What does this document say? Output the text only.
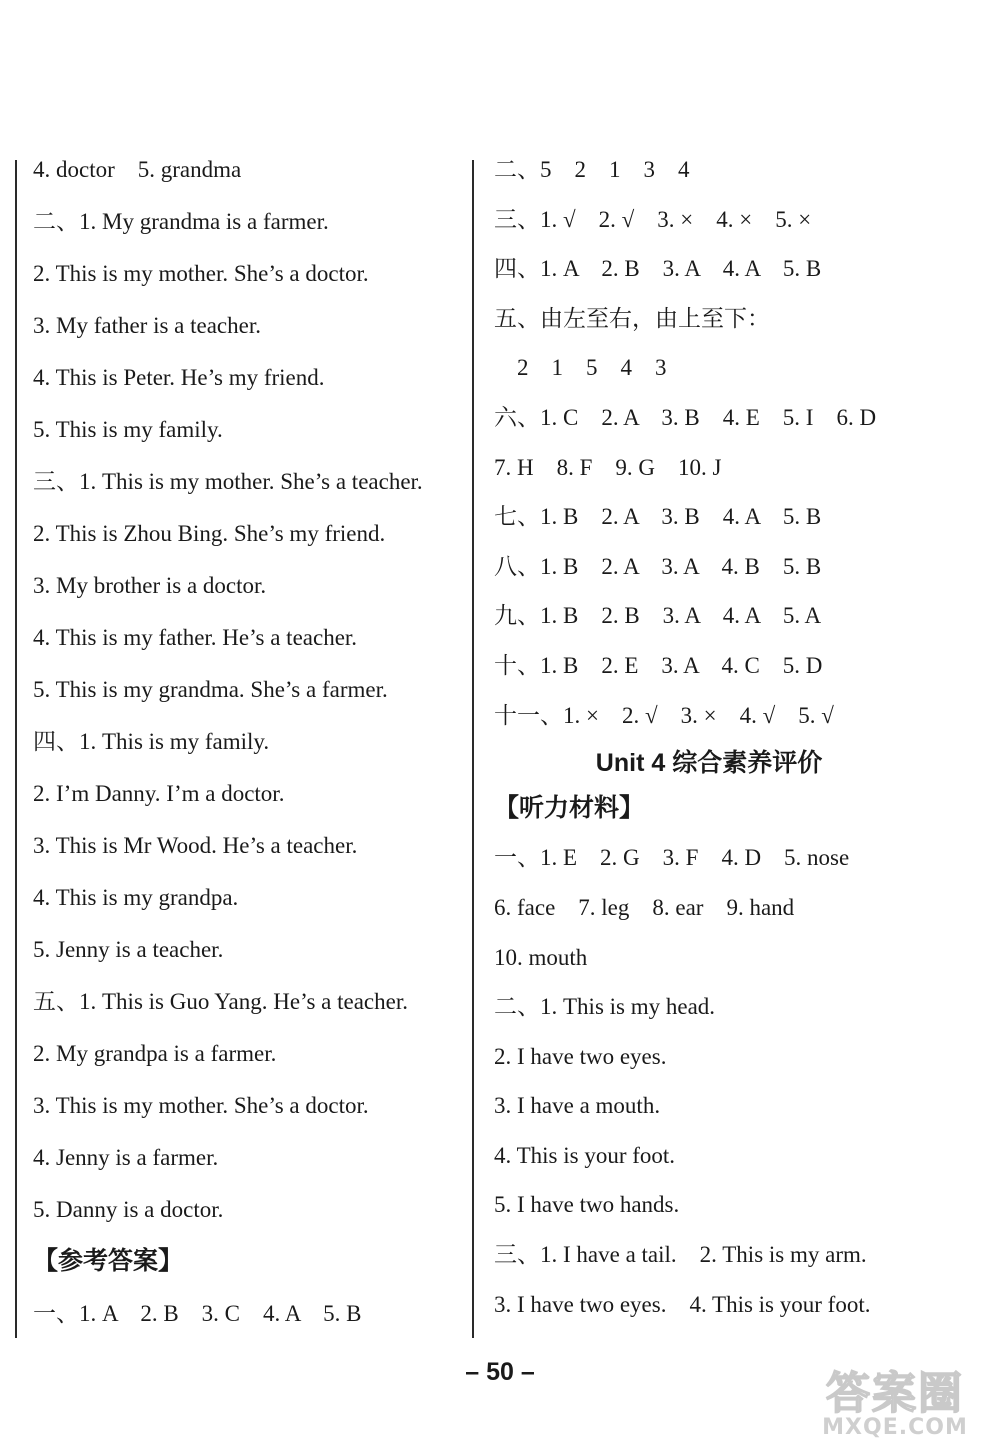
4. doctor    5. grandma
二、1. My grandma is a farmer.
2. This is my mother. She’s a doctor.
3. My father is a teacher.
4. This is Peter. He’s my friend.
5. This is my family.
三、1. This is my mother. She’s a teacher.
2. This is Zhou Bing. She’s my friend.
3. My brother is a doctor.
4. This is my father. He’s a teacher.
5. This is my grandma. She’s a farmer.
四、1. This is my family.
2. I’m Danny. I’m a doctor.
3. This is Mr Wood. He’s a teacher.
4. This is my grandpa.
5. Jenny is a teacher.
五、1. This is Guo Yang. He’s a teacher.
2. My grandpa is a farmer.
3. This is my mother. She’s a doctor.
4. Jenny is a farmer.
5. Danny is a doctor.
【参考答案】
一、1. A    2. B    3. C    4. A    5. B
二、5    2    1    3    4
三、1. √    2. √    3. ×    4. ×    5. ×
四、1. A    2. B    3. A    4. A    5. B
五、由左至右，由上至下：
2    1    5    4    3
六、1. C    2. A    3. B    4. E    5. I    6. D
7. H    8. F    9. G    10. J
七、1. B    2. A    3. B    4. A    5. B
八、1. B    2. A    3. A    4. B    5. B
九、1. B    2. B    3. A    4. A    5. A
十、1. B    2. E    3. A    4. C    5. D
十一、1. ×    2. √    3. ×    4. √    5. √
Unit 4 综合素养评价
【听力材料】
一、1. E    2. G    3. F    4. D    5. nose
6. face    7. leg    8. ear    9. hand
10. mouth
二、1. This is my head.
2. I have two eyes.
3. I have a mouth.
4. This is your foot.
5. I have two hands.
三、1. I have a tail.    2. This is my arm.
3. I have two eyes.    4. This is your foot.
– 50 –	答案圈
MXQE.COM
